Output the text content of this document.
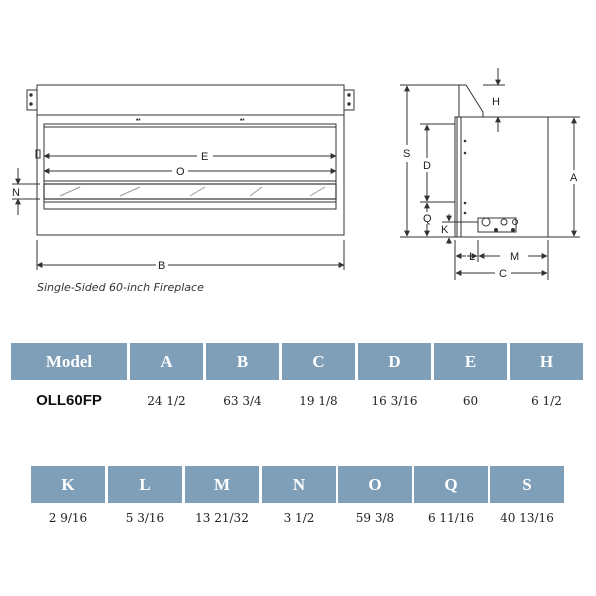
..	..
E
O
N
B
H
S
D
A
Q
K
L	M
C
Single-Sided 60-inch Fireplace
Model	A	B	C	D	E	H
OLL60FP	24 1/2	63 3/4	19 1/8	16 3/16	60	6 1/2
K	L	M	N	O	Q	S
2 9/16	5 3/16	13 21/32	3 1/2	59 3/8	6 11/16	40 13/16
